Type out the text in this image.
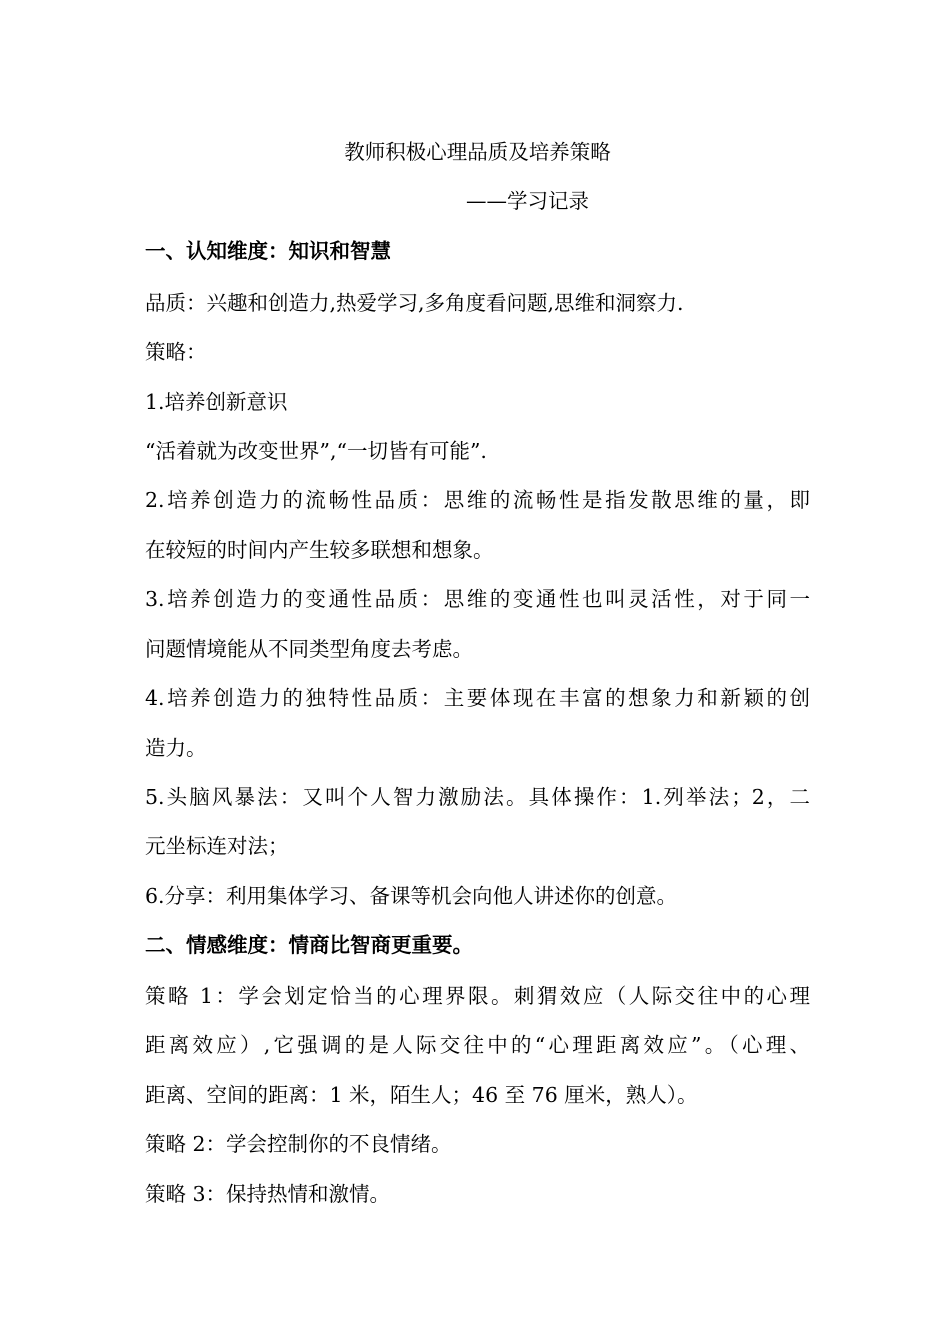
教师积极心理品质及培养策略
——学习记录
一、认知维度：知识和智慧
品质：兴趣和创造力,热爱学习,多角度看问题,思维和洞察力.
策略：
1.培养创新意识
“活着就为改变世界”,“一切皆有可能”.
2.培养创造力的流畅性品质：思维的流畅性是指发散思维的量，即
在较短的时间内产生较多联想和想象。
3.培养创造力的变通性品质：思维的变通性也叫灵活性，对于同一
问题情境能从不同类型角度去考虑。
4.培养创造力的独特性品质：主要体现在丰富的想象力和新颖的创
造力。
5.头脑风暴法：又叫个人智力激励法。具体操作：1.列举法；2，二
元坐标连对法；
6.分享：利用集体学习、备课等机会向他人讲述你的创意。
二、情感维度：情商比智商更重要。
策略 1：学会划定恰当的心理界限。刺猬效应（人际交往中的心理
距离效应）,它强调的是人际交往中的“心理距离效应”。（心理、
距离、空间的距离：1 米，陌生人；46 至 76 厘米，熟人）。
策略 2：学会控制你的不良情绪。
策略 3：保持热情和激情。
